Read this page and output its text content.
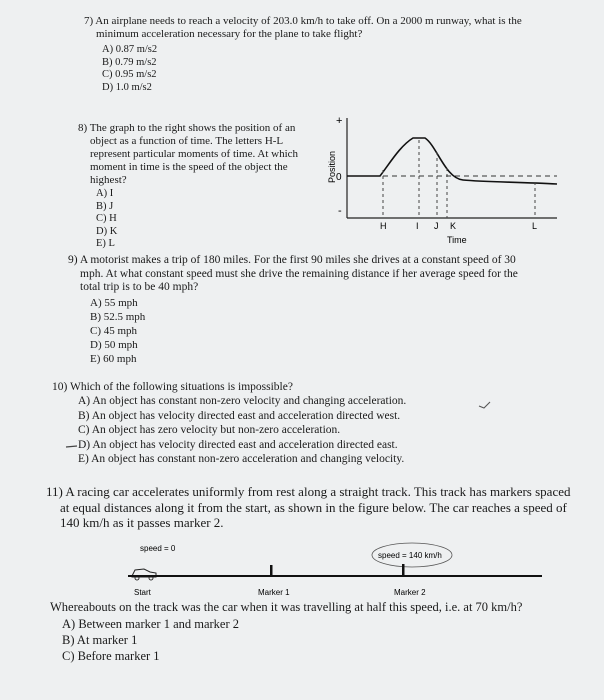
7) An airplane needs to reach a velocity of 203.0 km/h to take off. On a 2000 m runway, what is the
minimum acceleration necessary for the plane to take flight?
A) 0.87 m/s2
B) 0.79 m/s2
C) 0.95 m/s2
D) 1.0 m/s2
8) The graph to the right shows the position of an
object as a function of time. The letters H-L
represent particular moments of time. At which
moment in time is the speed of the object the
highest?
A) I
B) J
C) H
D) K
E) L
+
0
-
Position
H	I J K	L
Time
9) A motorist makes a trip of 180 miles. For the first 90 miles she drives at a constant speed of 30
mph. At what constant speed must she drive the remaining distance if her average speed for the
total trip is to be 40 mph?
A) 55 mph
B) 52.5 mph
C) 45 mph
D) 50 mph
E) 60 mph
10) Which of the following situations is impossible?
A) An object has constant non-zero velocity and changing acceleration.
B) An object has velocity directed east and acceleration directed west.
C) An object has zero velocity but non-zero acceleration.
D) An object has velocity directed east and acceleration directed east.
E) An object has constant non-zero acceleration and changing velocity.
11) A racing car accelerates uniformly from rest along a straight track. This track has markers spaced
at equal distances along it from the start, as shown in the figure below. The car reaches a speed of
140 km/h as it passes marker 2.
speed = 0
speed = 140 km/h
Start	Marker 1	Marker 2
Whereabouts on the track was the car when it was travelling at half this speed, i.e. at 70 km/h?
A) Between marker 1 and marker 2
B) At marker 1
C) Before marker 1
